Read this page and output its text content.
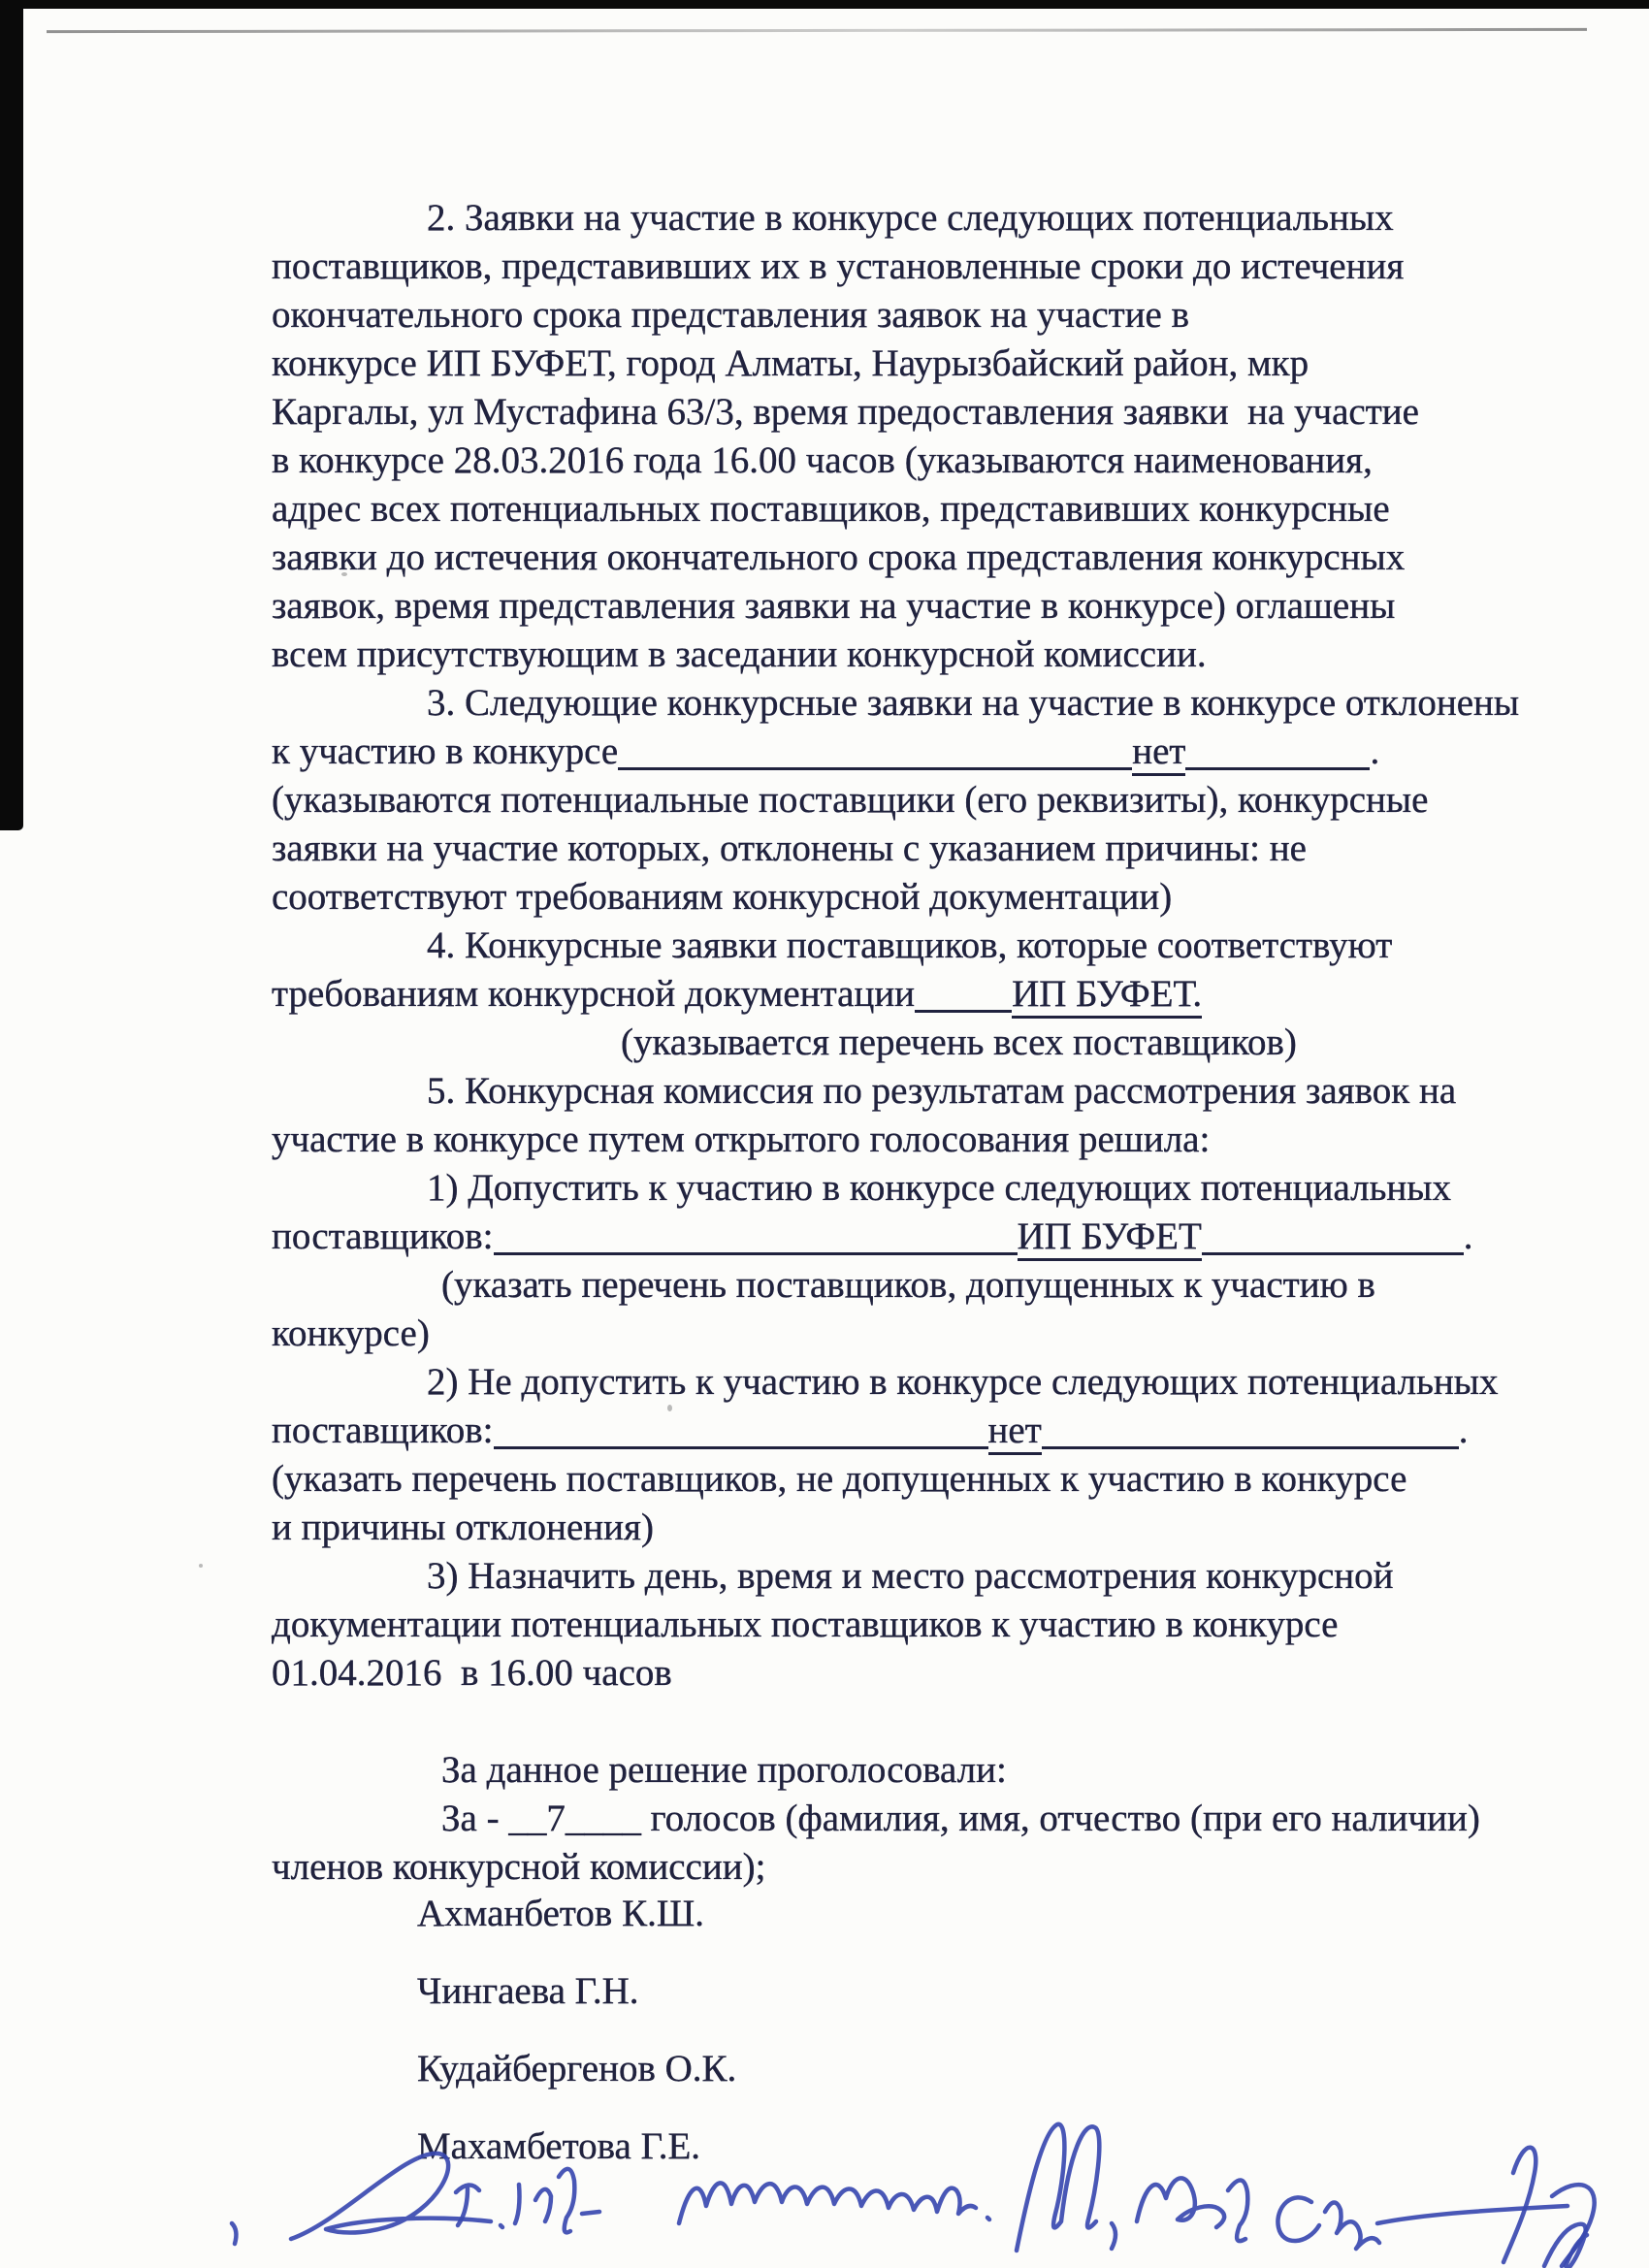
2. Заявки на участие в конкурсе следующих потенциальных
поставщиков, представивших их в установленные сроки до истечения
окончательного срока представления заявок на участие в
конкурсе ИП БУФЕТ, город Алматы, Наурызбайский район, мкр
Каргалы, ул Мустафина 63/3, время предоставления заявки  на участие
в конкурсе 28.03.2016 года 16.00 часов (указываются наименования,
адрес всех потенциальных поставщиков, представивших конкурсные
заявки до истечения окончательного срока представления конкурсных
заявок, время представления заявки на участие в конкурсе) оглашены
всем присутствующим в заседании конкурсной комиссии.
3. Следующие конкурсные заявки на участие в конкурсе отклонены
к участию в конкурсе	нет	.
(указываются потенциальные поставщики (его реквизиты), конкурсные
заявки на участие которых, отклонены с указанием причины: не
соответствуют требованиям конкурсной документации)
4. Конкурсные заявки поставщиков, которые соответствуют
требованиям конкурсной документации	ИП БУФЕТ.
(указывается перечень всех поставщиков)
5. Конкурсная комиссия по результатам рассмотрения заявок на
участие в конкурсе путем открытого голосования решила:
1) Допустить к участию в конкурсе следующих потенциальных
поставщиков:	ИП БУФЕТ	.
(указать перечень поставщиков, допущенных к участию в
конкурсе)
2) Не допустить к участию в конкурсе следующих потенциальных
поставщиков:	нет	.
(указать перечень поставщиков, не допущенных к участию в конкурсе
и причины отклонения)
3) Назначить день, время и место рассмотрения конкурсной
документации потенциальных поставщиков к участию в конкурсе
01.04.2016  в 16.00 часов
За данное решение проголосовали:
За - __7____ голосов (фамилия, имя, отчество (при его наличии)
членов конкурсной комиссии);
Ахманбетов К.Ш.
Чингаева Г.Н.
Кудайбергенов О.К.
Махамбетова Г.Е.
